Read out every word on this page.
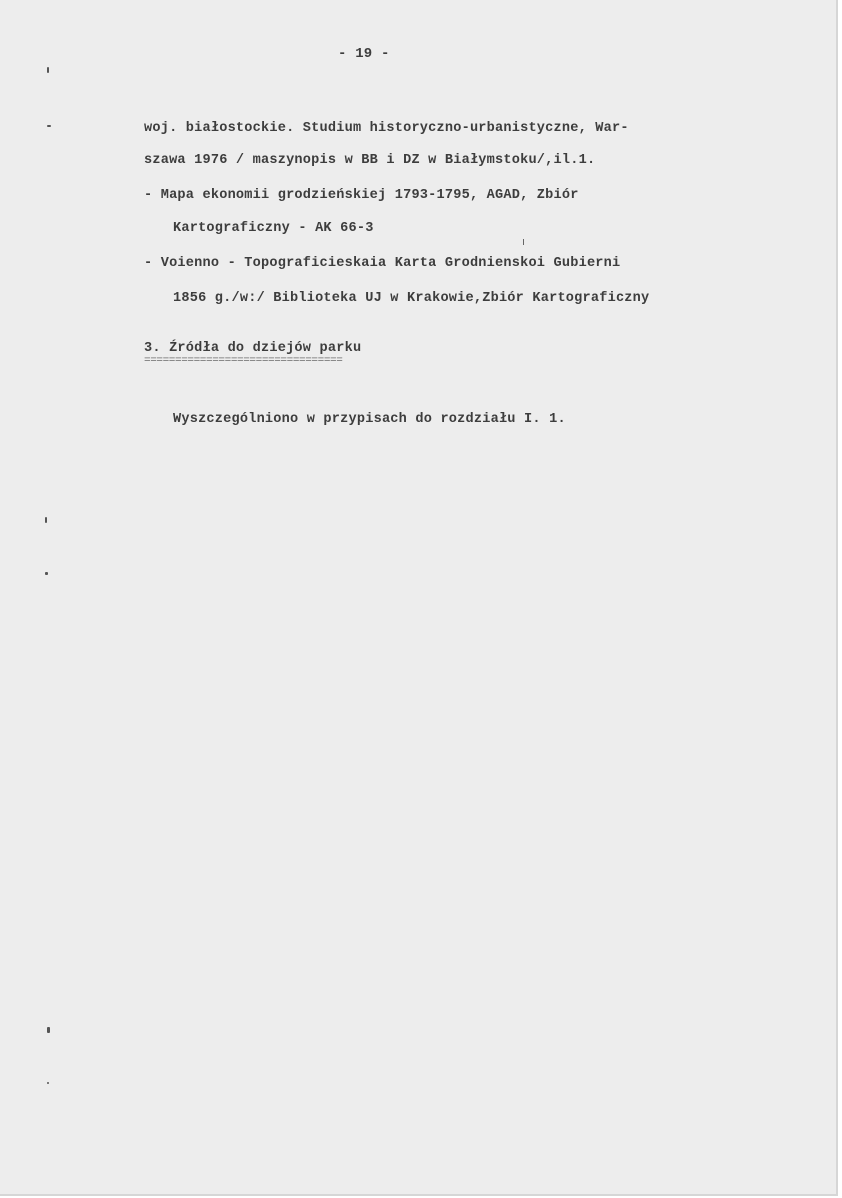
- 19 -

woj. białostockie. Studium historyczno-urbanistyczne, War-

szawa 1976 / maszynopis w BB i DZ w Białymstoku/,il.1.

- Mapa ekonomii grodzieńskiej 1793-1795, AGAD, Zbiór

Kartograficzny - AK 66-3

- Voienno - Topograficieskaia Karta Grodnienskoi Gubierni

1856 g./w:/ Biblioteka UJ w Krakowie,Zbiór Kartograficzny

3. Źródła do dziejów parku

================================

Wyszczególniono w przypisach do rozdziału I. 1.
